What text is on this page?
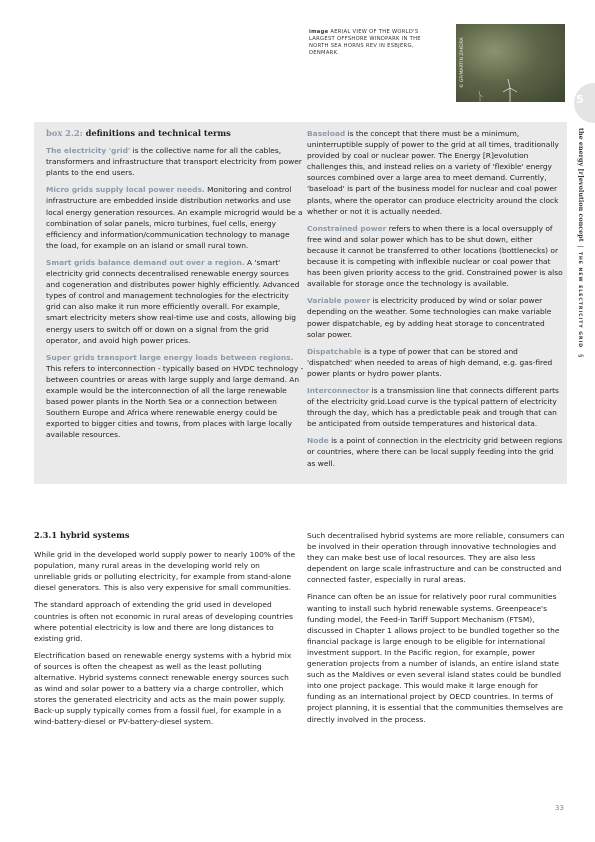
image AERIAL VIEW OF THE WORLD'S LARGEST OFFSHORE WINDPARK IN THE NORTH SEA HORNS REV IN ESBJERG, DENMARK.	© GP/MARTIN ZAKORA
5
the energy [r]evolution concept|THE NEW ELECTRICITY GRID§

box 2.2: definitions and technical terms

The electricity 'grid' is the collective name for all the cables, transformers and infrastructure that transport electricity from power plants to the end users.

Micro grids supply local power needs. Monitoring and control infrastructure are embedded inside distribution networks and use local energy generation resources. An example microgrid would be a combination of solar panels, micro turbines, fuel cells, energy efficiency and information/communication technology to manage the load, for example on an island or small rural town.

Smart grids balance demand out over a region. A 'smart' electricity grid connects decentralised renewable energy sources and cogeneration and distributes power highly efficiently. Advanced types of control and management technologies for the electricity grid can also make it run more efficiently overall. For example, smart electricity meters show real-time use and costs, allowing big energy users to switch off or down on a signal from the grid operator, and avoid high power prices.

Super grids transport large energy loads between regions. This refers to interconnection - typically based on HVDC technology - between countries or areas with large supply and large demand. An example would be the interconnection of all the large renewable based power plants in the North Sea or a connection between Southern Europe and Africa where renewable energy could be exported to bigger cities and towns, from places with large locally available resources.

Baseload is the concept that there must be a minimum, uninterruptible supply of power to the grid at all times, traditionally provided by coal or nuclear power. The Energy [R]evolution challenges this, and instead relies on a variety of 'flexible' energy sources combined over a large area to meet demand. Currently, 'baseload' is part of the business model for nuclear and coal power plants, where the operator can produce electricity around the clock whether or not it is actually needed.

Constrained power refers to when there is a local oversupply of free wind and solar power which has to be shut down, either because it cannot be transferred to other locations (bottlenecks) or because it is competing with inflexible nuclear or coal power that has been given priority access to the grid. Constrained power is also available for storage once the technology is available.

Variable power is electricity produced by wind or solar power depending on the weather. Some technologies can make variable power dispatchable, eg by adding heat storage to concentrated solar power.

Dispatchable is a type of power that can be stored and 'dispatched' when needed to areas of high demand, e.g. gas-fired power plants or hydro power plants.

Interconnector is a transmission line that connects different parts of the electricity grid.Load curve is the typical pattern of electricity through the day, which has a predictable peak and trough that can be anticipated from outside temperatures and historical data.

Node is a point of connection in the electricity grid between regions or countries, where there can be local supply feeding into the grid as well.

2.3.1 hybrid systems

While grid in the developed world supply power to nearly 100% of the population, many rural areas in the developing world rely on unreliable grids or polluting electricity, for example from stand-alone diesel generators. This is also very expensive for small communities.

The standard approach of extending the grid used in developed countries is often not economic in rural areas of developing countries where potential electricity is low and there are long distances to existing grid.

Electrification based on renewable energy systems with a hybrid mix of sources is often the cheapest as well as the least polluting alternative. Hybrid systems connect renewable energy sources such as wind and solar power to a battery via a charge controller, which stores the generated electricity and acts as the main power supply. Back-up supply typically comes from a fossil fuel, for example in a wind-battery-diesel or PV-battery-diesel system.

Such decentralised hybrid systems are more reliable, consumers can be involved in their operation through innovative technologies and they can make best use of local resources. They are also less dependent on large scale infrastructure and can be constructed and connected faster, especially in rural areas.

Finance can often be an issue for relatively poor rural communities wanting to install such hybrid renewable systems. Greenpeace's funding model, the Feed-in Tariff Support Mechanism (FTSM), discussed in Chapter 1 allows project to be bundled together so the financial package is large enough to be eligible for international investment support. In the Pacific region, for example, power generation projects from a number of islands, an entire island state such as the Maldives or even several island states could be bundled into one project package. This would make it large enough for funding as an international project by OECD countries. In terms of project planning, it is essential that the communities themselves are directly involved in the process.

33
